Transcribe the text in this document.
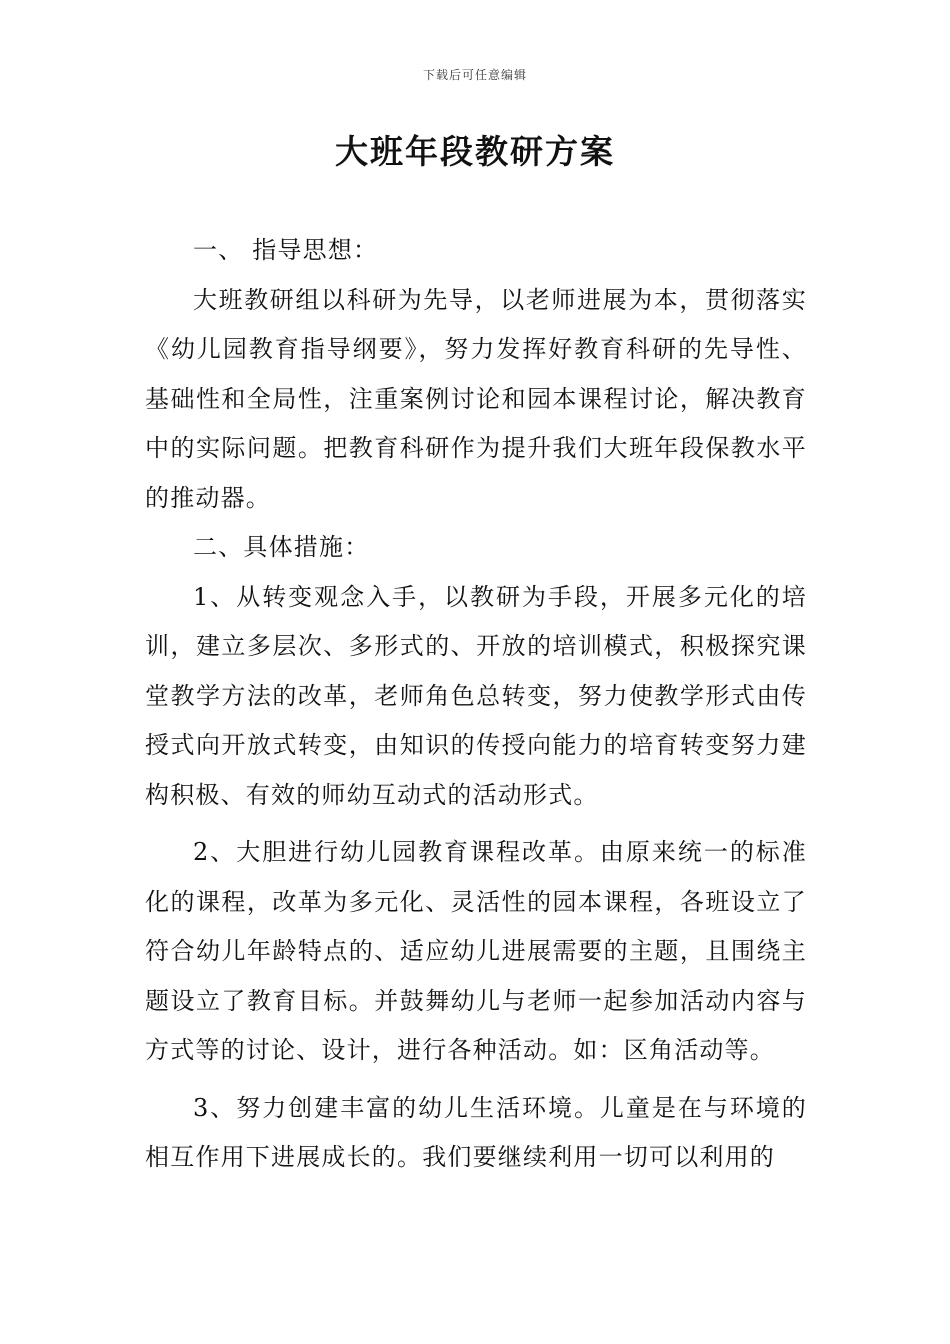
下载后可任意编辑
大班年段教研方案

一、 指导思想：

大班教研组以科研为先导，以老师进展为本，贯彻落实《幼儿园教育指导纲要》，努力发挥好教育科研的先导性、基础性和全局性，注重案例讨论和园本课程讨论，解决教育中的实际问题。把教育科研作为提升我们大班年段保教水平的推动器。

二、具体措施：

1、从转变观念入手，以教研为手段，开展多元化的培训，建立多层次、多形式的、开放的培训模式，积极探究课堂教学方法的改革，老师角色总转变，努力使教学形式由传授式向开放式转变，由知识的传授向能力的培育转变努力建构积极、有效的师幼互动式的活动形式。

2、大胆进行幼儿园教育课程改革。由原来统一的标准化的课程，改革为多元化、灵活性的园本课程，各班设立了符合幼儿年龄特点的、适应幼儿进展需要的主题，且围绕主题设立了教育目标。并鼓舞幼儿与老师一起参加活动内容与方式等的讨论、设计，进行各种活动。如：区角活动等。

3、努力创建丰富的幼儿生活环境。儿童是在与环境的相互作用下进展成长的。我们要继续利用一切可以利用的
